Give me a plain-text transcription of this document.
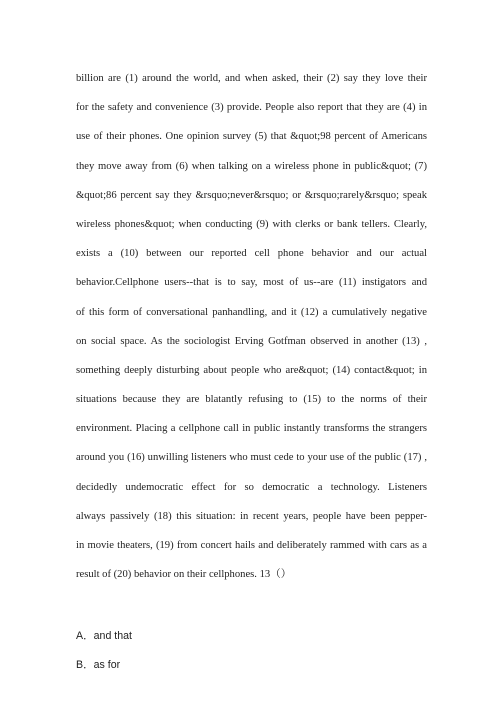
billion are (1) around the world, and when asked, their (2) say they love their
for the safety and convenience (3) provide. People also report that they are (4) in
use of their phones. One opinion survey (5) that &quot;98 percent of Americans
they move away from (6) when talking on a wireless phone in public&quot; (7)
&quot;86 percent say they &rsquo;never&rsquo; or &rsquo;rarely&rsquo; speak
wireless phones&quot; when conducting (9) with clerks or bank tellers. Clearly,
exists a (10) between our reported cell phone behavior and our actual
behavior.Cellphone users--that is to say, most of us--are (11) instigators and
of this form of conversational panhandling, and it (12) a cumulatively negative
on social space. As the sociologist Erving Gotfman observed in another (13) ,
something deeply disturbing about people who are&quot; (14) contact&quot; in
situations because they are blatantly refusing to (15) to the norms of their
environment. Placing a cellphone call in public instantly transforms the strangers
around you (16) unwilling listeners who must cede to your use of the public (17) ,
decidedly undemocratic effect for so democratic a technology. Listeners
always passively (18) this situation: in recent years, people have been pepper-
in movie theaters, (19) from concert hails and deliberately rammed with cars as a
result of (20) behavior on their cellphones. 13（）
A．and that
B．as for
